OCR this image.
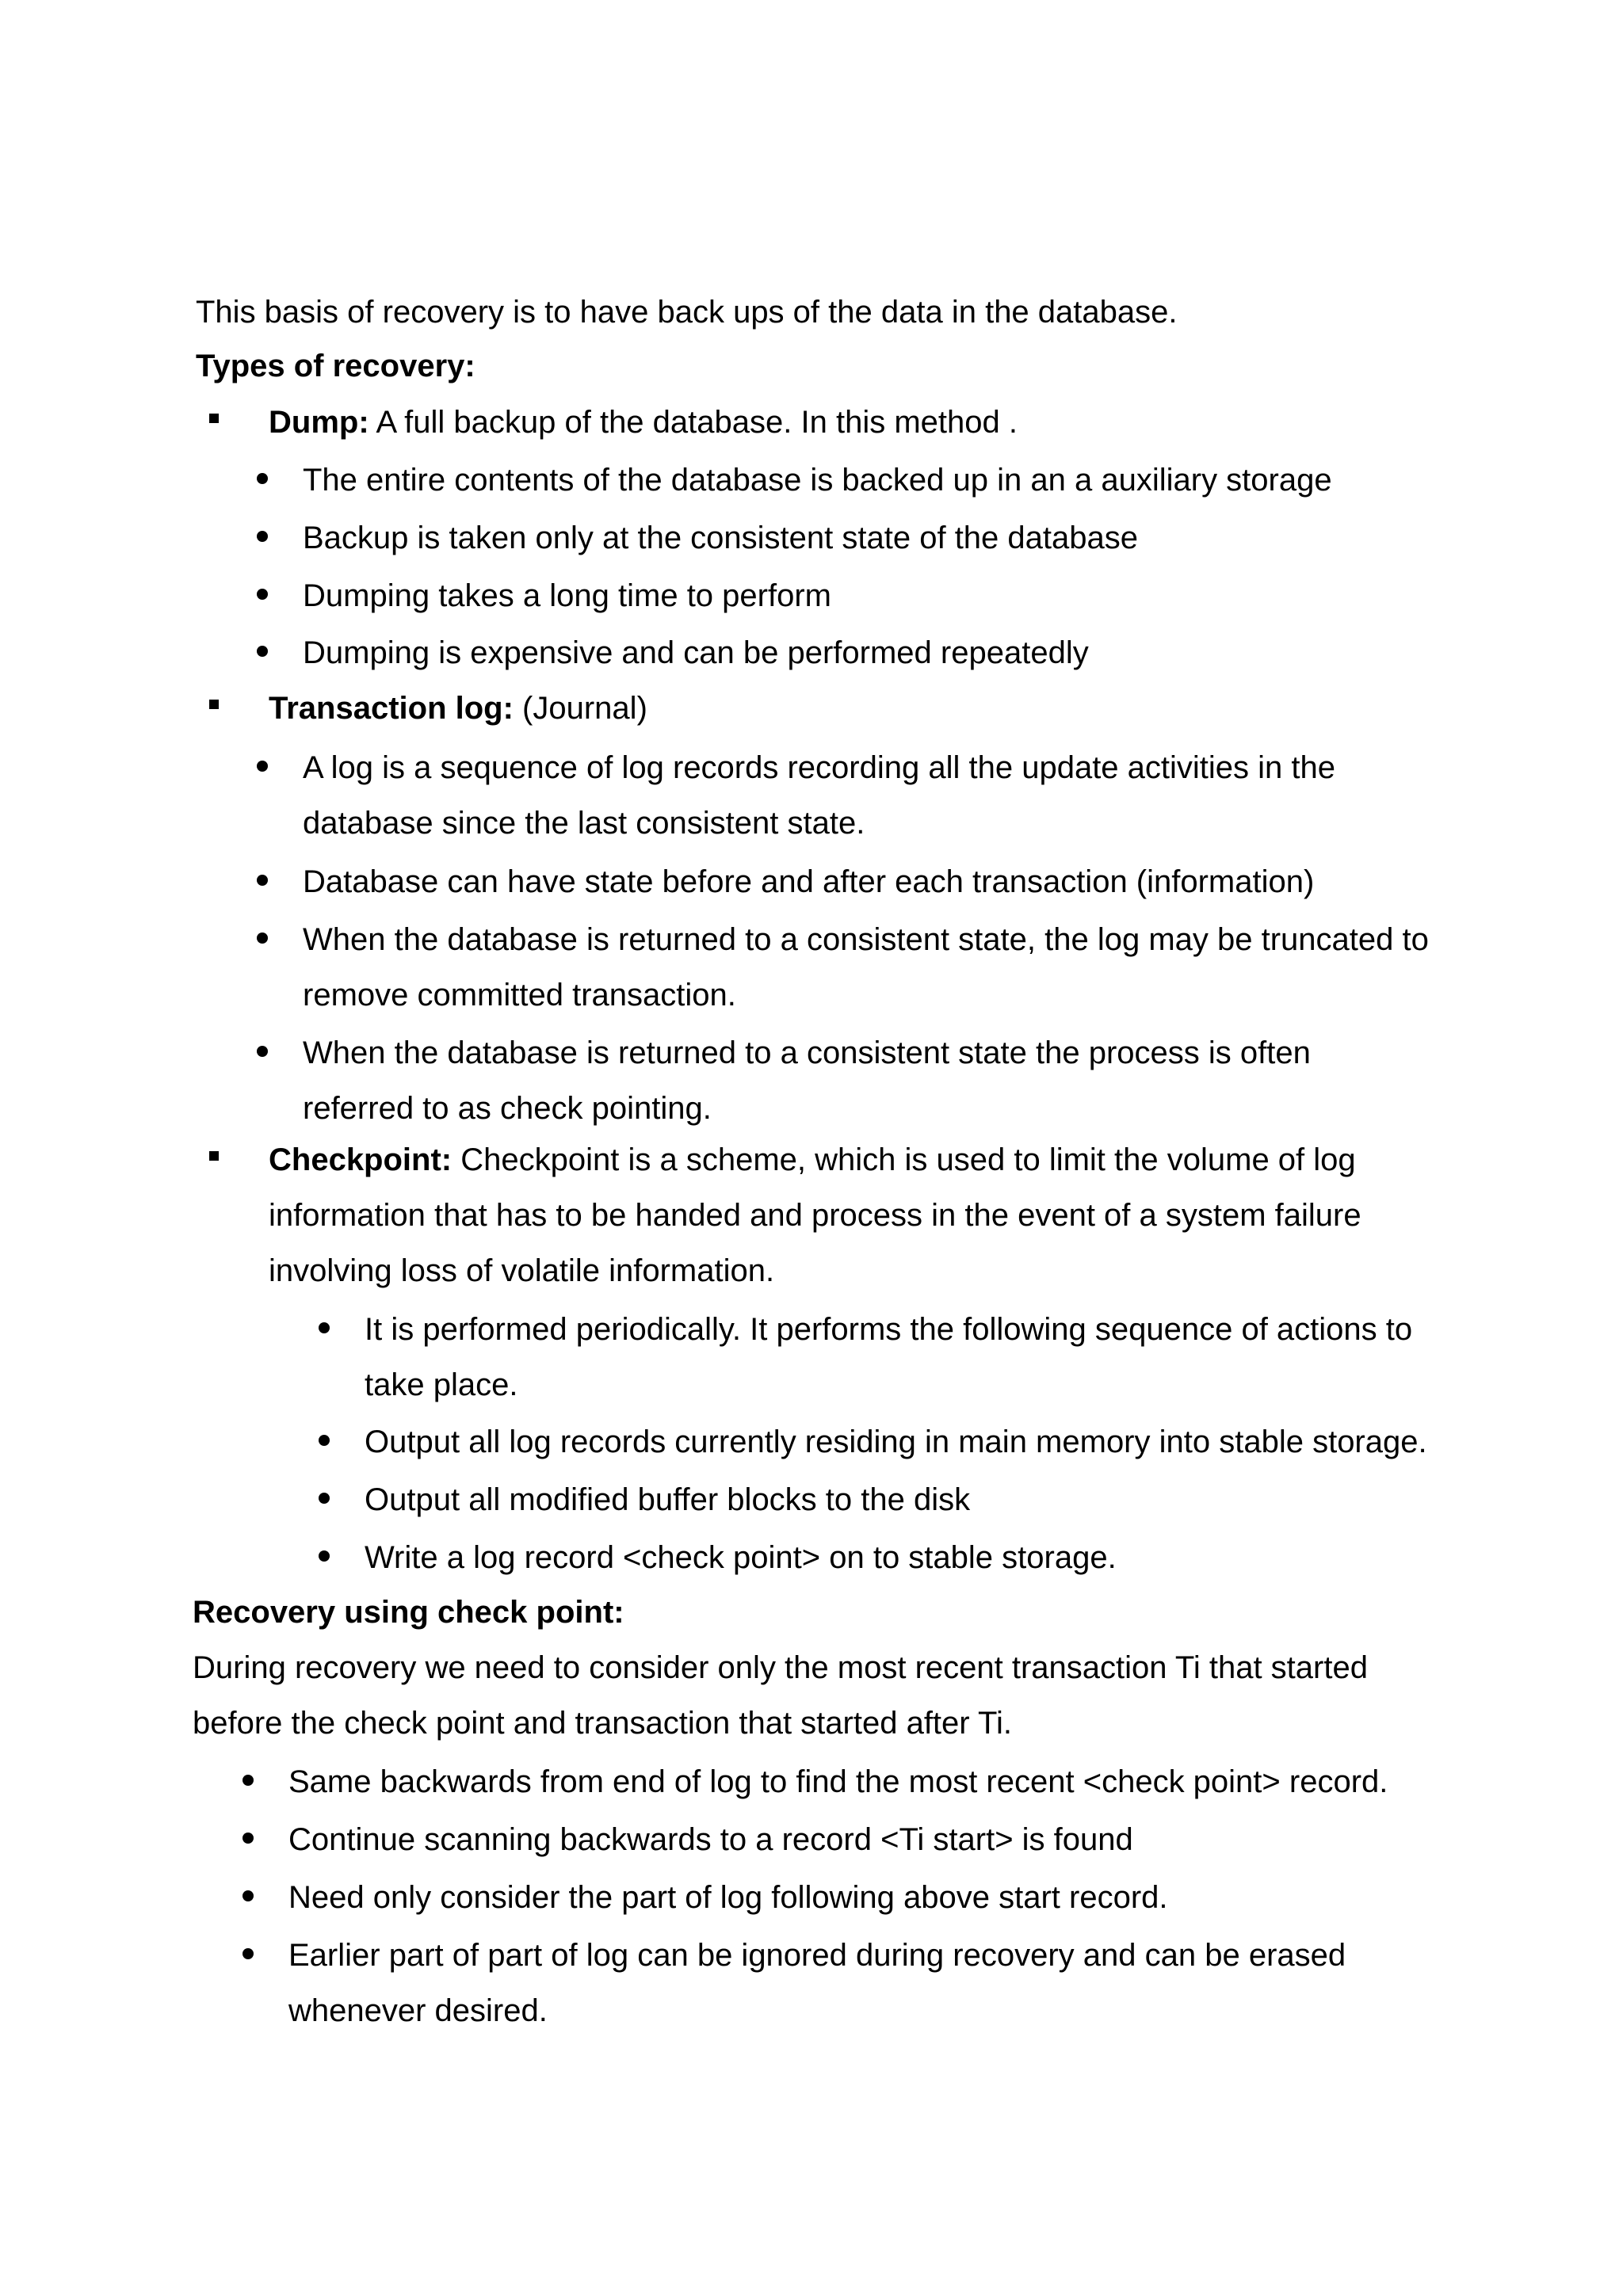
This basis of recovery is to have back ups of the data in the database.
Types of recovery:
Dump: A full backup of the database. In this method .
The entire contents of the database is backed up in an a auxiliary storage
Backup is taken only at the consistent state of the database
Dumping takes a long time to perform
Dumping is expensive and can be performed repeatedly
Transaction log: (Journal)
A log is a sequence of log records recording all the update activities in the
database since the last consistent state.
Database can have state before and after each transaction (information)
When the database is returned to a consistent state, the log may be truncated to
remove committed transaction.
When the database is returned to a consistent state the process is often
referred to as check pointing.
Checkpoint: Checkpoint is a scheme, which is used to limit the volume of log
information that has to be handed and process in the event of a system failure
involving loss of volatile information.
It is performed periodically. It performs the following sequence of actions to
take place.
Output all log records currently residing in main memory into stable storage.
Output all modified buffer blocks to the disk
Write a log record <check point> on to stable storage.
Recovery using check point:
During recovery we need to consider only the most recent transaction Ti that started
before the check point and transaction that started after Ti.
Same backwards from end of log to find the most recent <check point> record.
Continue scanning backwards to a record <Ti start> is found
Need only consider the part of log following above start record.
Earlier part of part of log can be ignored during recovery and can be erased
whenever desired.
